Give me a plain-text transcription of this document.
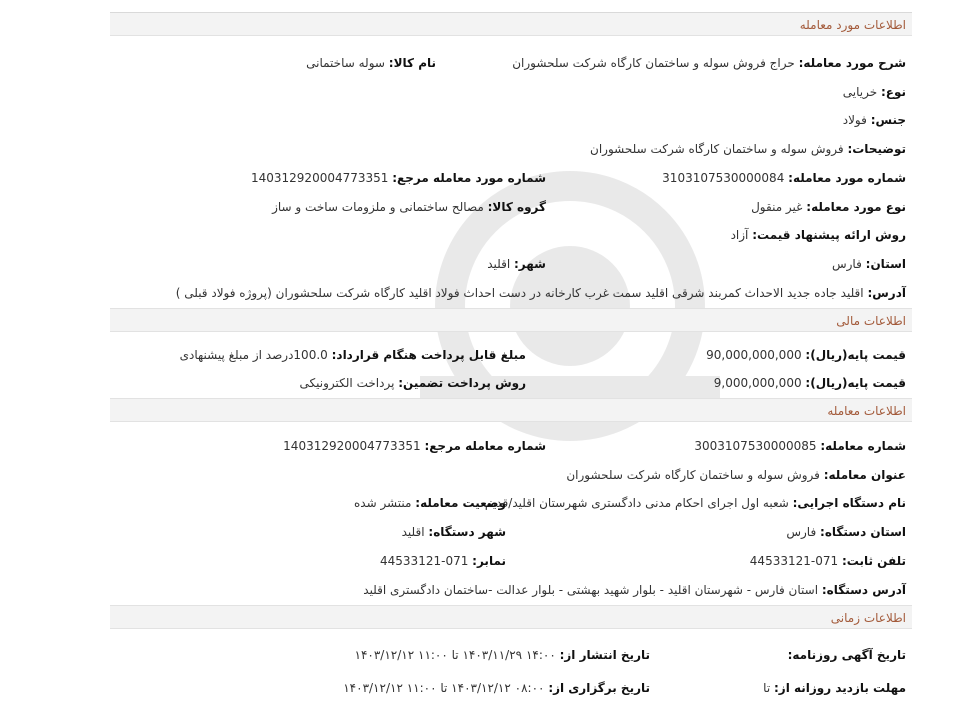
اطلاعات مورد معامله
شرح مورد معامله: حراج فروش سوله و ساختمان کارگاه شرکت سلحشوران
نام کالا: سوله ساختمانی
نوع: خریایی
جنس: فولاد
توضیحات: فروش سوله و ساختمان کارگاه شرکت سلحشوران
شماره مورد معامله: 3103107530000084
شماره مورد معامله مرجع: 140312920004773351
نوع مورد معامله: غیر منقول
گروه کالا: مصالح ساختمانی و ملزومات ساخت و ساز
روش ارائه پیشنهاد قیمت: آزاد
استان: فارس
شهر: اقلید
آدرس: اقلید جاده جدید الاحداث کمربند شرقی اقلید سمت غرب کارخانه در دست احداث فولاد اقلید کارگاه شرکت سلحشوران (پروژه فولاد قبلی )
اطلاعات مالی
قیمت پایه(ریال): 90,000,000,000
مبلغ قابل پرداخت هنگام قرارداد: 100.0درصد از مبلغ پیشنهادی
قیمت پایه(ریال): 9,000,000,000
روش پرداخت تضمین: پرداخت الکترونیکی
اطلاعات معامله
شماره معامله: 3003107530000085
شماره معامله مرجع: 140312920004773351
عنوان معامله: فروش سوله و ساختمان کارگاه شرکت سلحشوران
نام دستگاه اجرایی: شعبه اول اجرای احکام مدنی دادگستری شهرستان اقلید/قدیم
وضعیت معامله: منتشر شده
استان دستگاه: فارس
شهر دستگاه: اقلید
تلفن ثابت: 071-44533121
نمابر: 071-44533121
آدرس دستگاه: استان فارس - شهرستان اقلید - بلوار شهید بهشتی - بلوار عدالت -ساختمان دادگستری اقلید
اطلاعات زمانی
تاریخ آگهی روزنامه:
تاریخ انتشار از: ۱۴:۰۰ ۱۴۰۳/۱۱/۲۹ تا ۱۱:۰۰ ۱۴۰۳/۱۲/۱۲
مهلت بازدید روزانه از: تا
تاریخ برگزاری از: ۰۸:۰۰ ۱۴۰۳/۱۲/۱۲ تا ۱۱:۰۰ ۱۴۰۳/۱۲/۱۲
